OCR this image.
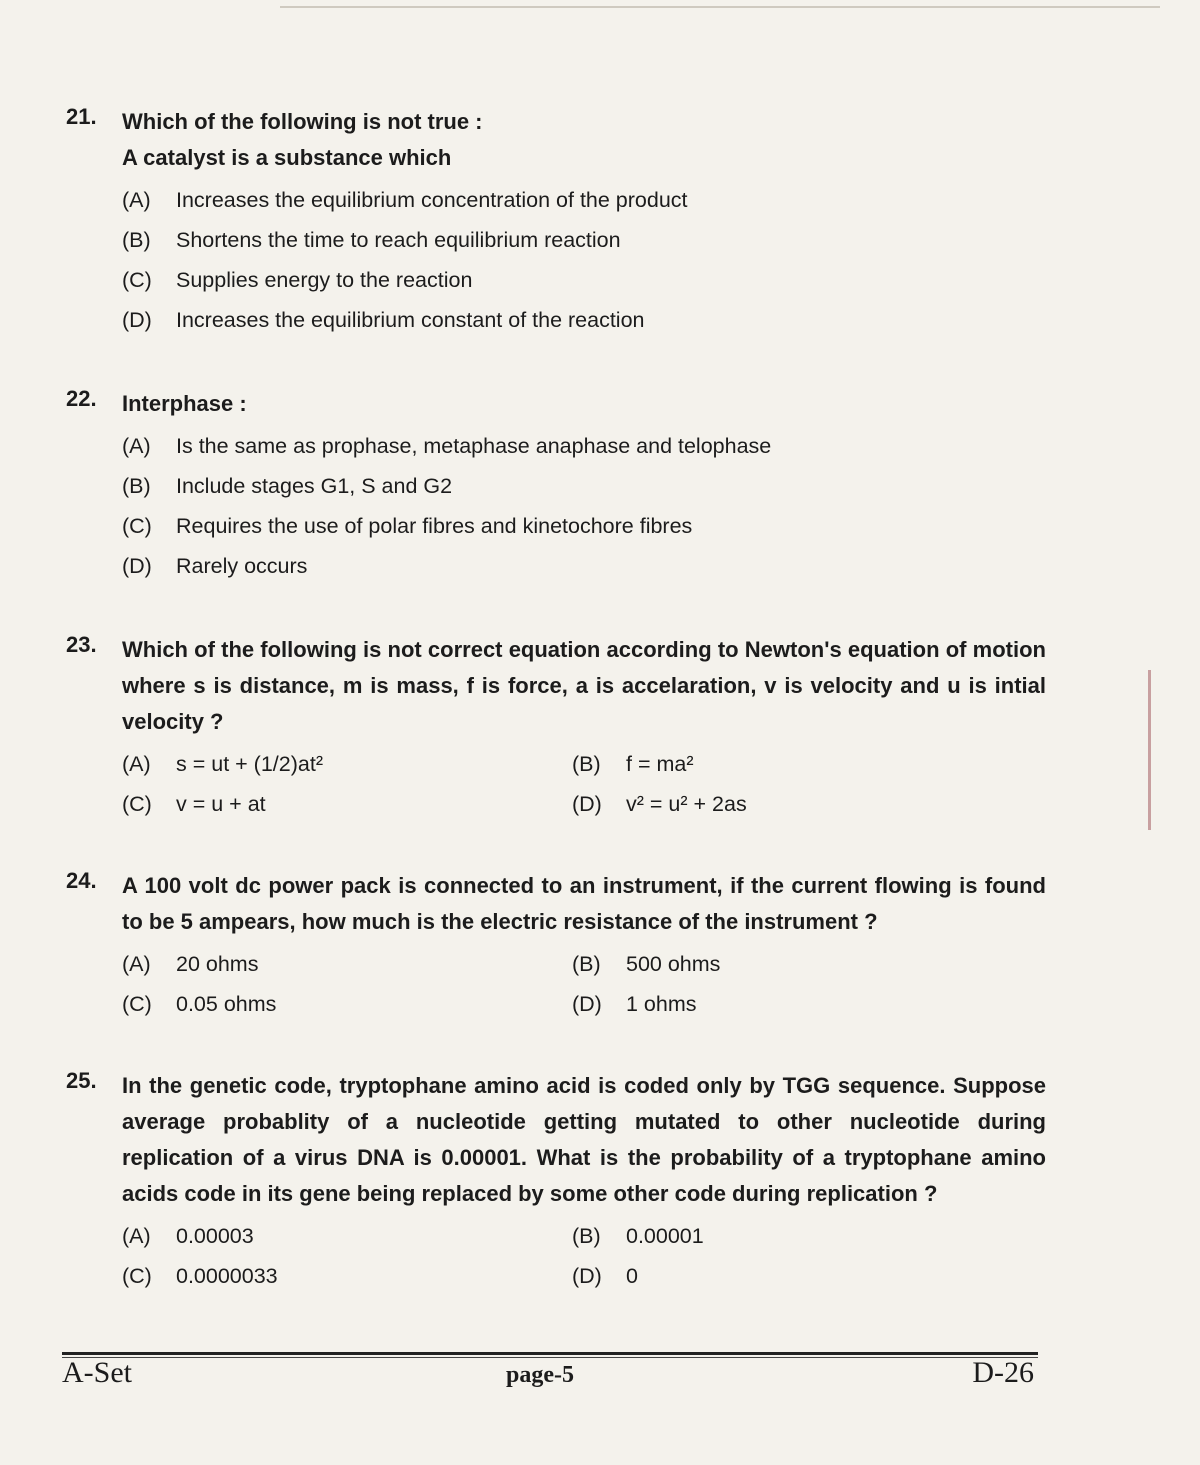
21.	Which of the following is not true :

A catalyst is a substance which

(A)	Increases the equilibrium concentration of the product
(B)	Shortens the time to reach equilibrium reaction
(C)	Supplies energy to the reaction
(D)	Increases the equilibrium constant of the reaction
22.	Interphase :

(A)	Is the same as prophase, metaphase anaphase and telophase
(B)	Include stages G1, S and G2
(C)	Requires the use of polar fibres and kinetochore fibres
(D)	Rarely occurs
23.	Which of the following is not correct equation according to Newton's equation of motion where s is distance, m is mass, f is force, a is accelaration, v is velocity and u is intial velocity ?

(A)	s = ut + (1/2)at²	(B)	f = ma²
(C)	v = u + at	(D)	v² = u² + 2as
24.	A 100 volt dc power pack is connected to an instrument, if the current flowing is found to be 5 ampears, how much is the electric resistance of the instrument ?

(A)	20 ohms	(B)	500 ohms
(C)	0.05 ohms	(D)	1 ohms
25.	In the genetic code, tryptophane amino acid is coded only by TGG sequence. Suppose average probablity of a nucleotide getting mutated to other nucleotide during replication of a virus DNA is 0.00001. What is the probability of a tryptophane amino acids code in its gene being replaced by some other code during replication ?

(A)	0.00003	(B)	0.00001
(C)	0.0000033	(D)	0
A-Set	page-5	D-26
